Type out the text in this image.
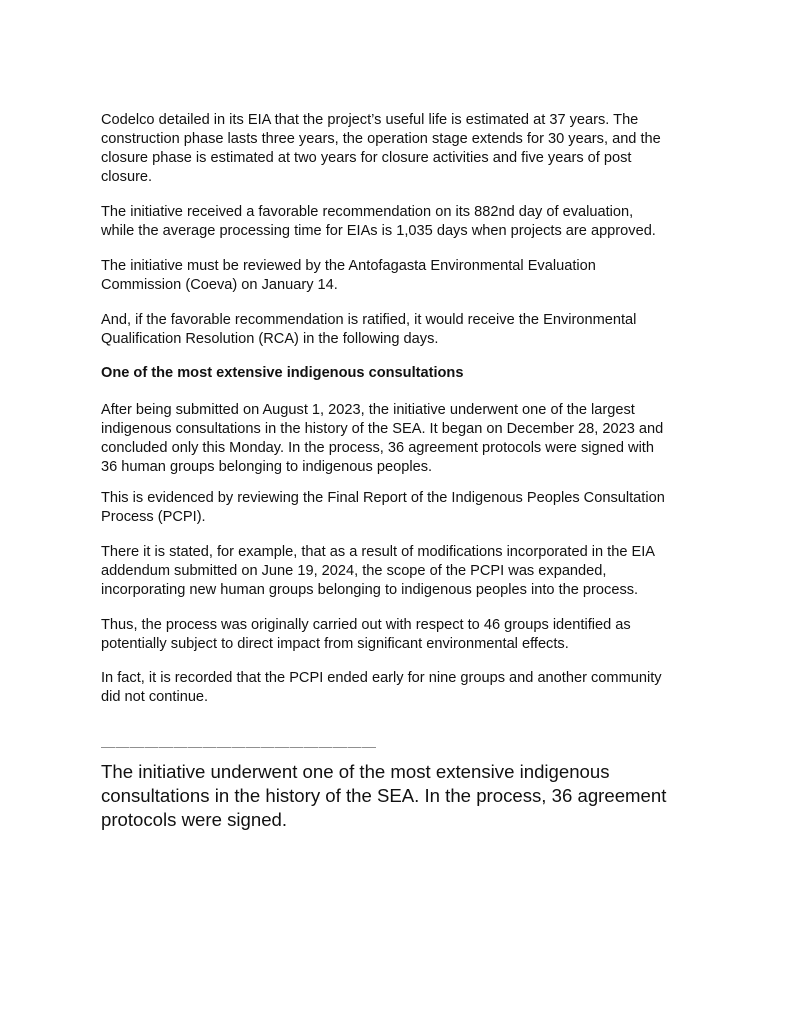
Codelco detailed in its EIA that the project’s useful life is estimated at 37 years. The
construction phase lasts three years, the operation stage extends for 30 years, and the
closure phase is estimated at two years for closure activities and five years of post
closure.
The initiative received a favorable recommendation on its 882nd day of evaluation,
while the average processing time for EIAs is 1,035 days when projects are approved.
The initiative must be reviewed by the Antofagasta Environmental Evaluation
Commission (Coeva) on January 14.
And, if the favorable recommendation is ratified, it would receive the Environmental
Qualification Resolution (RCA) in the following days.
One of the most extensive indigenous consultations
After being submitted on August 1, 2023, the initiative underwent one of the largest
indigenous consultations in the history of the SEA. It began on December 28, 2023 and
concluded only this Monday. In the process, 36 agreement protocols were signed with
36 human groups belonging to indigenous peoples.
This is evidenced by reviewing the Final Report of the Indigenous Peoples Consultation
Process (PCPI).
There it is stated, for example, that as a result of modifications incorporated in the EIA
addendum submitted on June 19, 2024, the scope of the PCPI was expanded,
incorporating new human groups belonging to indigenous peoples into the process.
Thus, the process was originally carried out with respect to 46 groups identified as
potentially subject to direct impact from significant environmental effects.
In fact, it is recorded that the PCPI ended early for nine groups and another community
did not continue.
———————————————————
The initiative underwent one of the most extensive indigenous
consultations in the history of the SEA. In the process, 36 agreement
protocols were signed.
